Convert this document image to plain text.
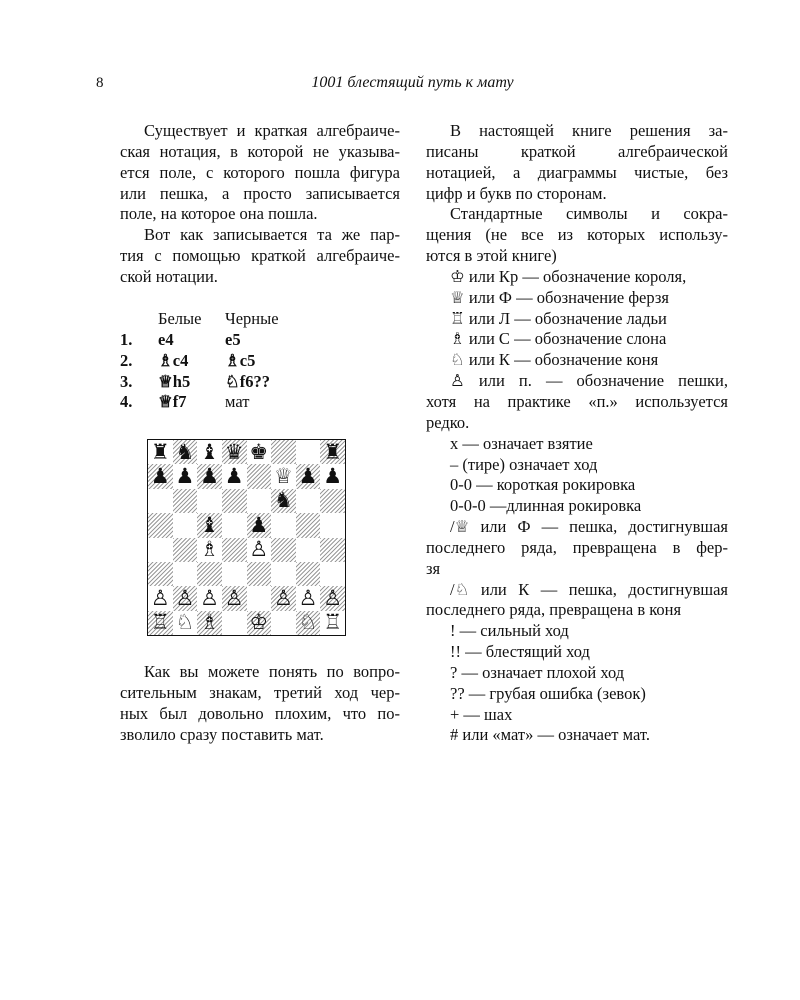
8	1001 блестящий путь к мату
Существует и краткая алгебраиче-
ская нотация, в которой не указыва-
ется поле, с которого пошла фигура
или пешка, а просто записывается
поле, на которое она пошла.
Вот как записывается та же пар-
тия с помощью краткой алгебраиче-
ской нотации.
Белые	Черные
1.	e4	e5
2.	♗c4	♗c5
3.	♕h5	♘f6??
4.	♕f7	мат
♜ ♞ ♝ ♛ ♚	♜
♟ ♟ ♟ ♟ ♕ ♟ ♟
♞
♝ ♟
♗ ♙
♙ ♙ ♙ ♙ ♙ ♙ ♙
♖ ♘ ♗ ♔ ♘ ♖
Как вы можете понять по вопро-
сительным знакам, третий ход чер-
ных был довольно плохим, что по-
зволило сразу поставить мат.
В настоящей книге решения за-
писаны краткой алгебраической
нотацией, а диаграммы чистые, без
цифр и букв по сторонам.
Стандартные символы и сокра-
щения (не все из которых использу-
ются в этой книге)
♔ или Кр — обозначение короля,
♕ или Ф — обозначение ферзя
♖ или Л — обозначение ладьи
♗ или С — обозначение слона
♘ или К — обозначение коня
♙ или п. — обозначение пешки,
хотя на практике «п.» используется
редко.
x — означает взятие
– (тире) означает ход
0-0 — короткая рокировка
0-0-0 —длинная рокировка
/♕ или Ф — пешка, достигнувшая
последнего ряда, превращена в фер-
зя
/♘ или К — пешка, достигнувшая
последнего ряда, превращена в коня
! — сильный ход
!! — блестящий ход
? — означает плохой ход
?? — грубая ошибка (зевок)
+ — шах
# или «мат» — означает мат.
